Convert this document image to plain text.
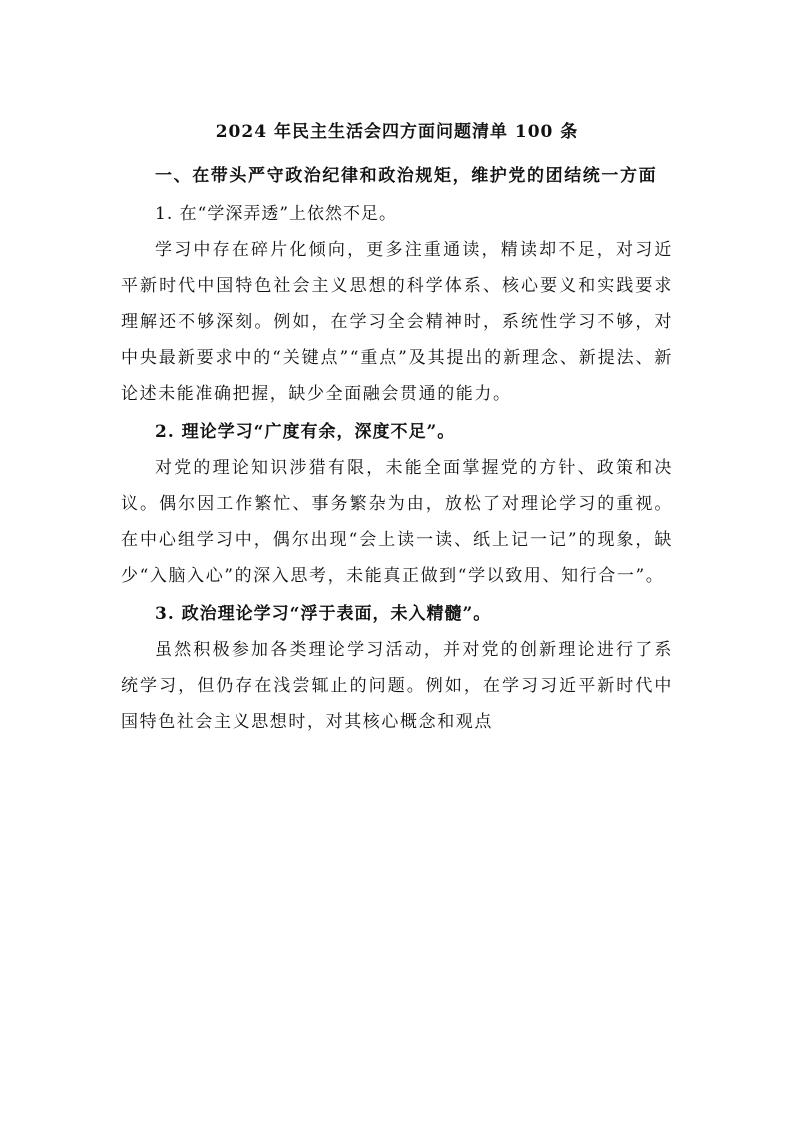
2024 年民主生活会四方面问题清单 100 条

一、在带头严守政治纪律和政治规矩，维护党的团结统一方面

1. 在“学深弄透”上依然不足。

学习中存在碎片化倾向，更多注重通读，精读却不足，对习近平新时代中国特色社会主义思想的科学体系、核心要义和实践要求理解还不够深刻。例如，在学习全会精神时，系统性学习不够，对中央最新要求中的“关键点”“重点”及其提出的新理念、新提法、新论述未能准确把握，缺少全面融会贯通的能力。

2. 理论学习“广度有余，深度不足”。

对党的理论知识涉猎有限，未能全面掌握党的方针、政策和决议。偶尔因工作繁忙、事务繁杂为由，放松了对理论学习的重视。在中心组学习中，偶尔出现“会上读一读、纸上记一记”的现象，缺少“入脑入心”的深入思考，未能真正做到“学以致用、知行合一”。

3. 政治理论学习“浮于表面，未入精髓”。

虽然积极参加各类理论学习活动，并对党的创新理论进行了系统学习，但仍存在浅尝辄止的问题。例如，在学习习近平新时代中国特色社会主义思想时，对其核心概念和观点
